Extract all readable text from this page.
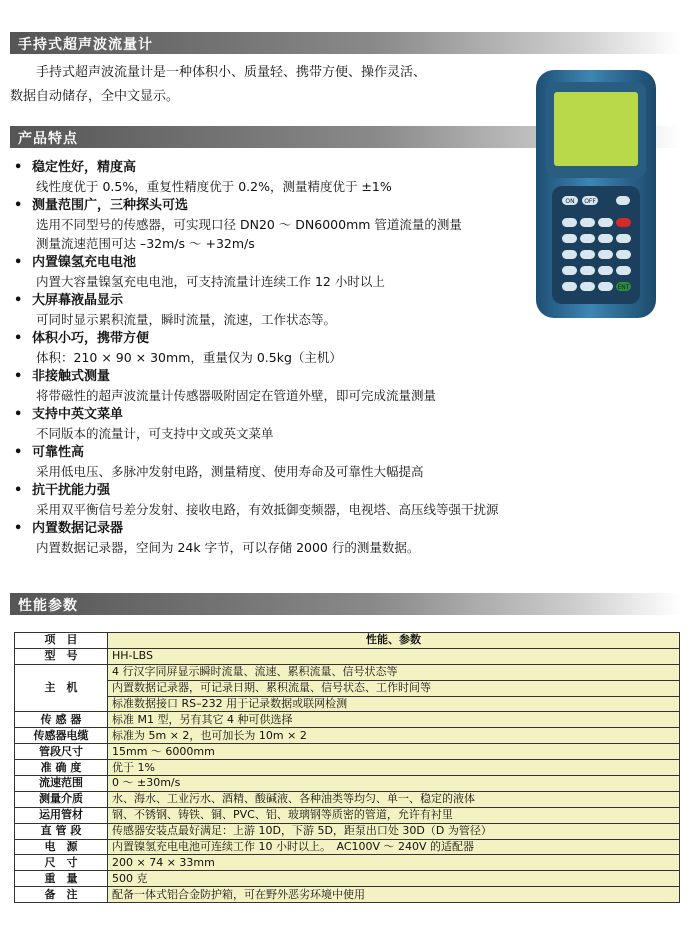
手持式超声波流量计
手持式超声波流量计是一种体积小、质量轻、携带方便、操作灵活、
数据自动储存，全中文显示。
产品特点
• 稳定性好，精度高
线性度优于 0.5%，重复性精度优于 0.2%，测量精度优于 ±1%
• 测量范围广，三种探头可选
选用不同型号的传感器，可实现口径 DN20 ～ DN6000mm 管道流量的测量
测量流速范围可达 –32m/s ～ +32m/s
• 内置镍氢充电电池
内置大容量镍氢充电电池，可支持流量计连续工作 12 小时以上
• 大屏幕液晶显示
可同时显示累积流量，瞬时流量，流速，工作状态等。
• 体积小巧，携带方便
体积：210 × 90 × 30mm，重量仅为 0.5kg（主机）
• 非接触式测量
将带磁性的超声波流量计传感器吸附固定在管道外壁，即可完成流量测量
• 支持中英文菜单
不同版本的流量计，可支持中文或英文菜单
• 可靠性高
采用低电压、多脉冲发射电路，测量精度、使用寿命及可靠性大幅提高
• 抗干扰能力强
采用双平衡信号差分发射、接收电路，有效抵御变频器，电视塔、高压线等强干扰源
• 内置数据记录器
内置数据记录器，空间为 24k 字节，可以存储 2000 行的测量数据。
ON OFF
ENT
性能参数
项　目	性能、参数
型　号	HH-LBS
主　机	4 行汉字同屏显示瞬时流量、流速、累积流量、信号状态等
	内置数据记录器，可记录日期、累积流量、信号状态、工作时间等
	标准数据接口 RS–232 用于记录数据或联网检测
传 感 器	标准 M1 型，另有其它 4 种可供选择
传感器电缆	标准为 5m × 2，也可加长为 10m × 2
管段尺寸	15mm ～ 6000mm
准 确 度	优于 1%
流速范围	0 ～ ±30m/s
测量介质	水、海水、工业污水、酒精、酸碱液、各种油类等均匀、单一、稳定的液体
运用管材	钢、不锈钢、铸铁、铜、PVC、铝、玻璃钢等质密的管道，允许有衬里
直 管 段	传感器安装点最好满足：上游 10D，下游 5D，距泵出口处 30D（D 为管径）
电　源	内置镍氢充电电池可连续工作 10 小时以上。　AC100V ～ 240V 的适配器
尺　寸	200 × 74 × 33mm
重　量	500 克
备　注	配备一体式铝合金防护箱，可在野外恶劣环境中使用
